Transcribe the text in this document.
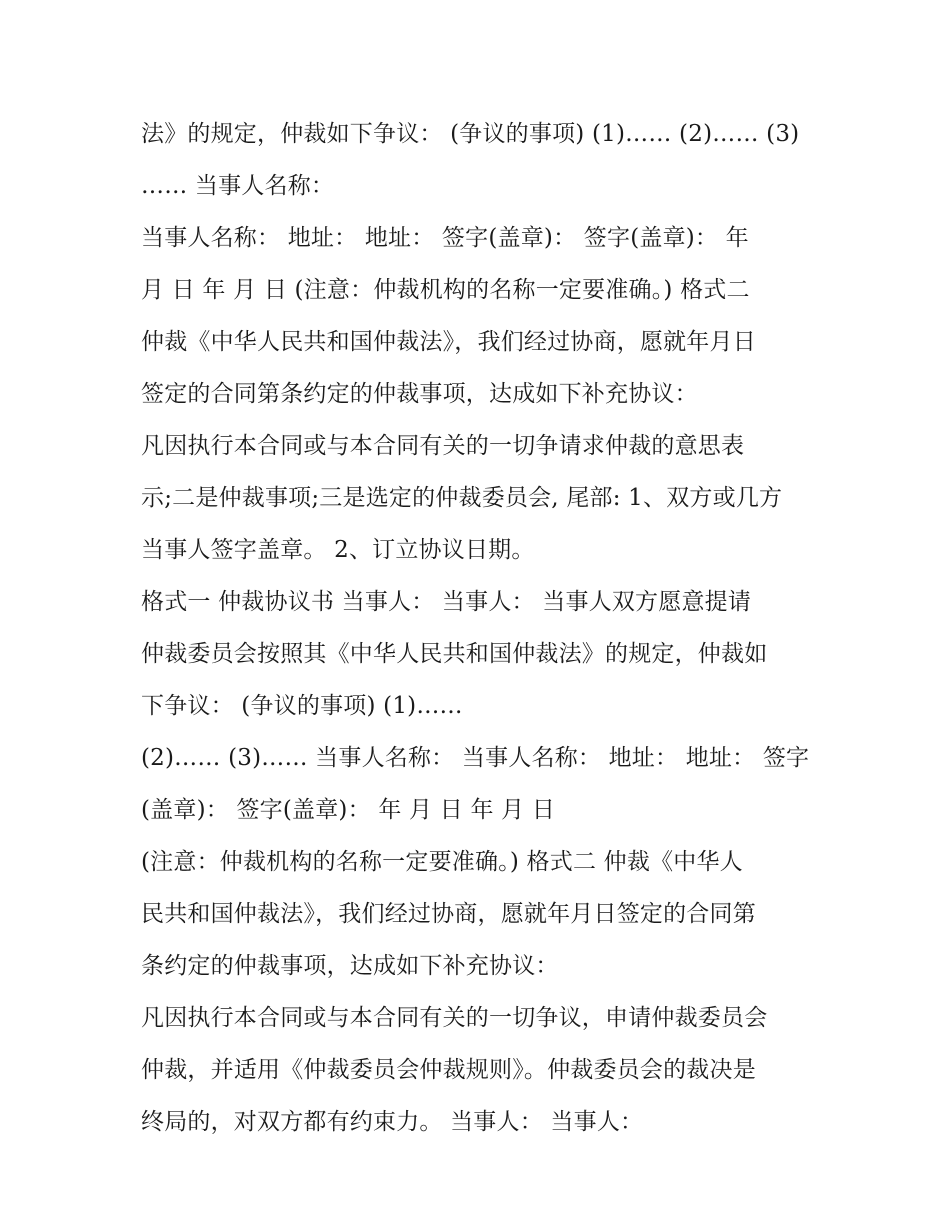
法》的规定，仲裁如下争议： (争议的事项) (1)…… (2)…… (3)
…… 当事人名称：
当事人名称： 地址： 地址： 签字(盖章)： 签字(盖章)： 年
月 日 年 月 日 (注意：仲裁机构的名称一定要准确。) 格式二
仲裁《中华人民共和国仲裁法》，我们经过协商，愿就年月日
签定的合同第条约定的仲裁事项，达成如下补充协议：
凡因执行本合同或与本合同有关的一切争请求仲裁的意思表
示;二是仲裁事项;三是选定的仲裁委员会, 尾部: 1、双方或几方
当事人签字盖章。 2、订立协议日期。
格式一 仲裁协议书 当事人： 当事人： 当事人双方愿意提请
仲裁委员会按照其《中华人民共和国仲裁法》的规定，仲裁如
下争议： (争议的事项) (1)……
(2)…… (3)…… 当事人名称： 当事人名称： 地址： 地址： 签字
(盖章)： 签字(盖章)： 年 月 日 年 月 日
(注意：仲裁机构的名称一定要准确。) 格式二 仲裁《中华人
民共和国仲裁法》，我们经过协商，愿就年月日签定的合同第
条约定的仲裁事项，达成如下补充协议：
凡因执行本合同或与本合同有关的一切争议，申请仲裁委员会
仲裁，并适用《仲裁委员会仲裁规则》。仲裁委员会的裁决是
终局的，对双方都有约束力。 当事人： 当事人：
